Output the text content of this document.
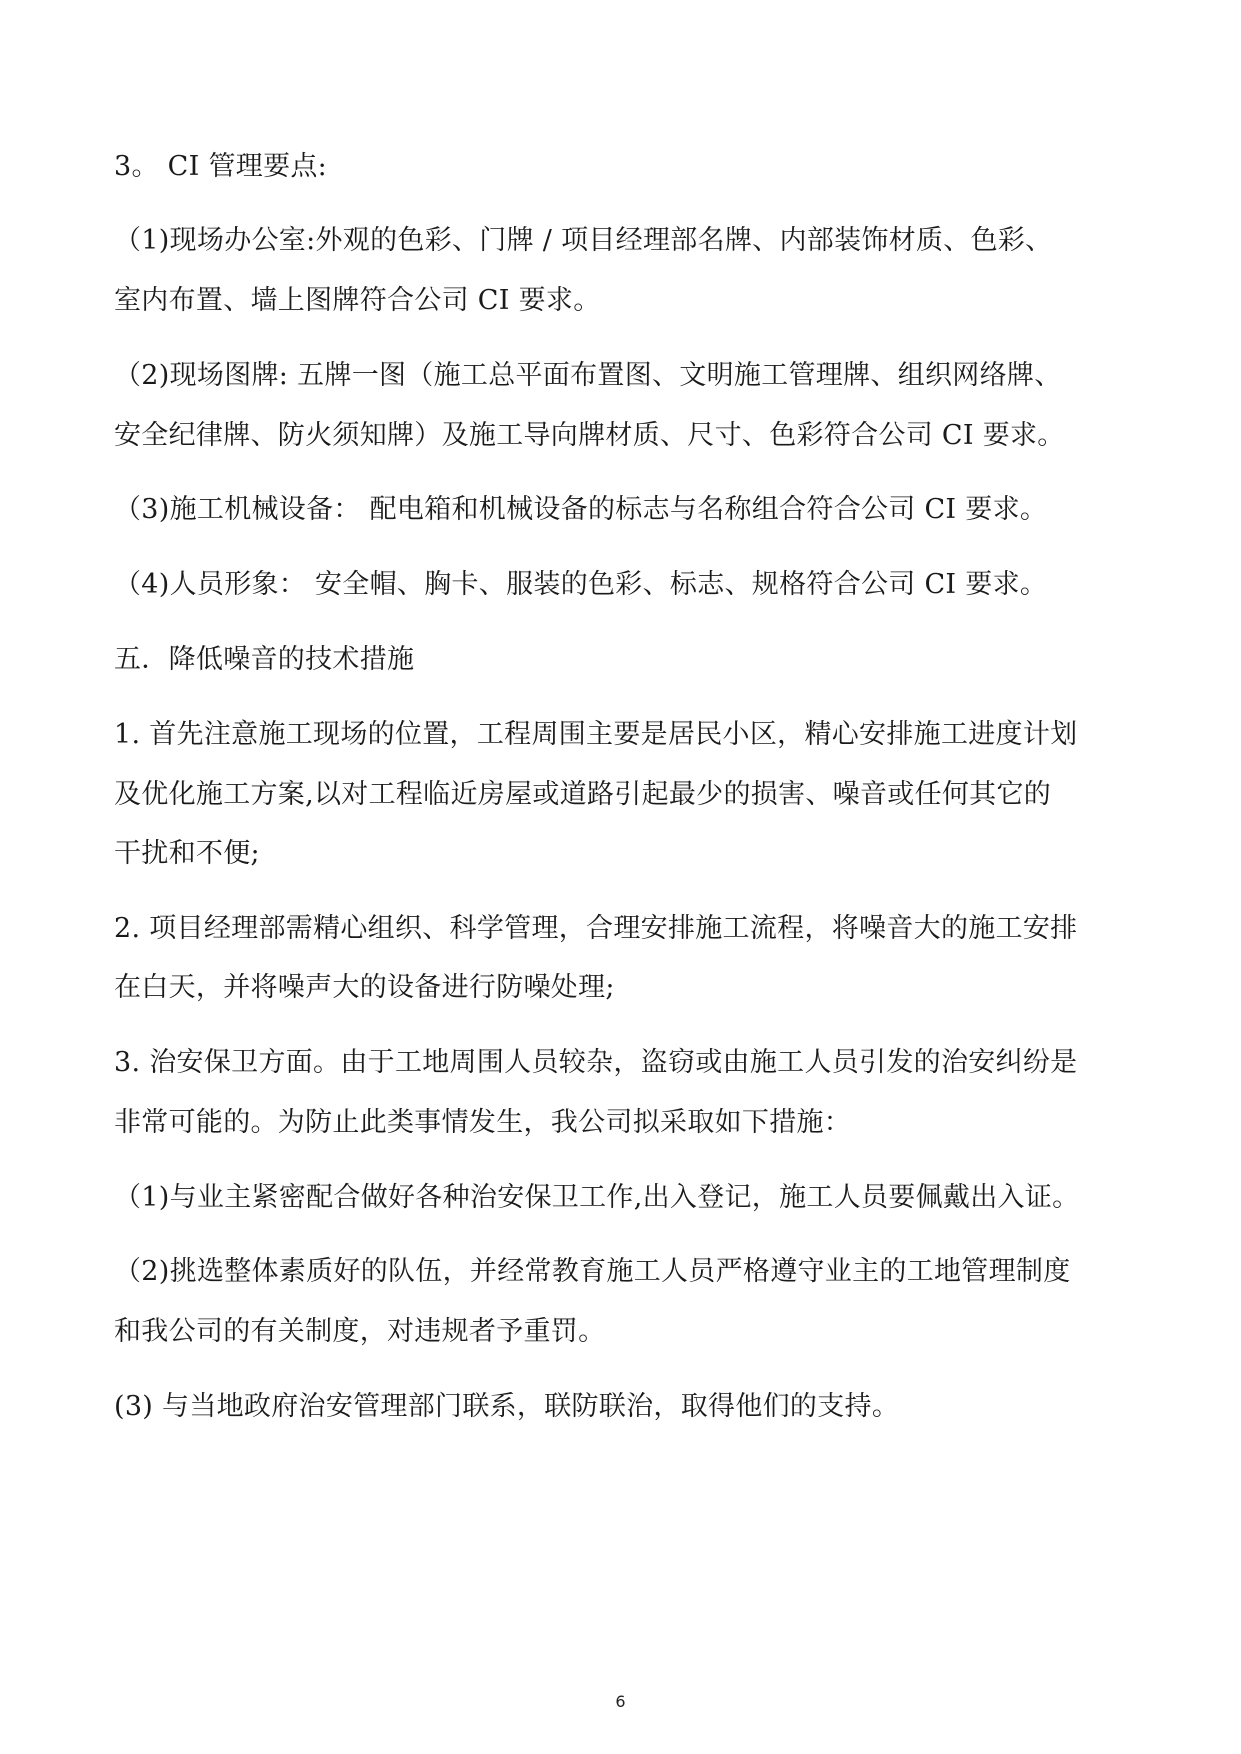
3。 CI 管理要点:
（1)现场办公室:外观的色彩、门牌 / 项目经理部名牌、内部装饰材质、色彩、
室内布置、墙上图牌符合公司 CI 要求。
（2)现场图牌: 五牌一图（施工总平面布置图、文明施工管理牌、组织网络牌、
安全纪律牌、防火须知牌）及施工导向牌材质、尺寸、色彩符合公司 CI 要求。
（3)施工机械设备： 配电箱和机械设备的标志与名称组合符合公司 CI 要求。
（4)人员形象： 安全帽、胸卡、服装的色彩、标志、规格符合公司 CI 要求。
五．降低噪音的技术措施
1. 首先注意施工现场的位置，工程周围主要是居民小区，精心安排施工进度计划
及优化施工方案,以对工程临近房屋或道路引起最少的损害、噪音或任何其它的
干扰和不便;
2. 项目经理部需精心组织、科学管理，合理安排施工流程，将噪音大的施工安排
在白天，并将噪声大的设备进行防噪处理;
3. 治安保卫方面。由于工地周围人员较杂，盗窃或由施工人员引发的治安纠纷是
非常可能的。为防止此类事情发生，我公司拟采取如下措施：
（1)与业主紧密配合做好各种治安保卫工作,出入登记，施工人员要佩戴出入证。
（2)挑选整体素质好的队伍，并经常教育施工人员严格遵守业主的工地管理制度
和我公司的有关制度，对违规者予重罚。
(3) 与当地政府治安管理部门联系，联防联治，取得他们的支持。
6
